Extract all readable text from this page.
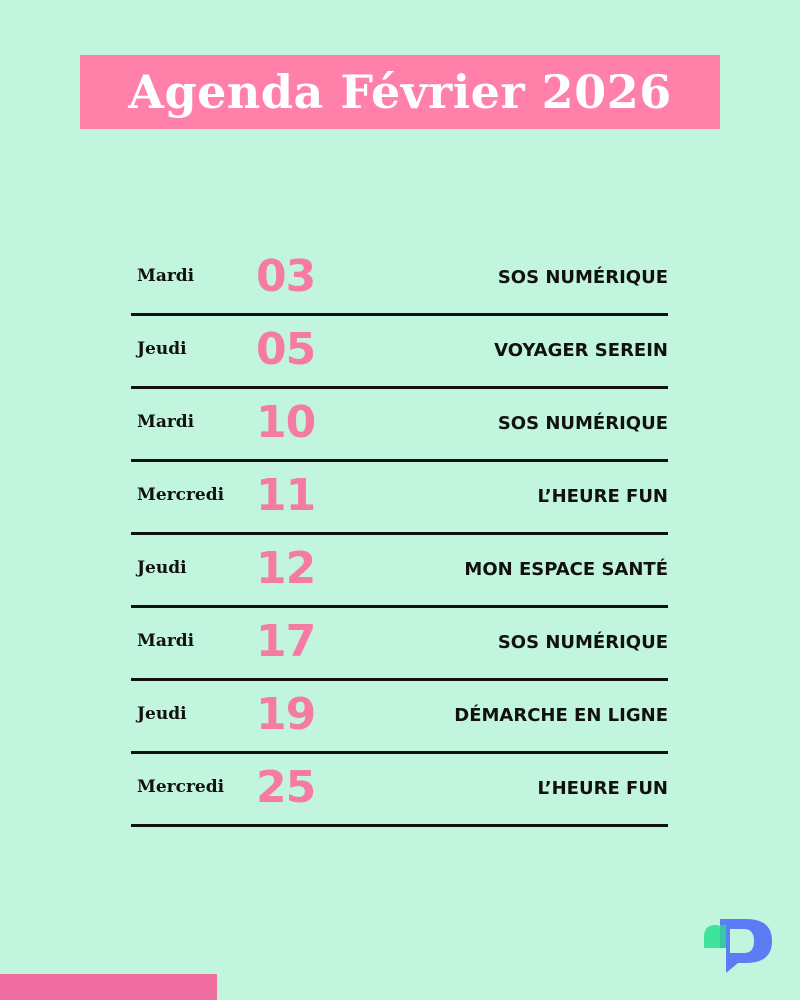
Agenda Février 2026
Mardi 03	SOS NUMÉRIQUE
Jeudi 05	VOYAGER SEREIN
Mardi 10	SOS NUMÉRIQUE
Mercredi 11	L’HEURE FUN
Jeudi 12	MON ESPACE SANTÉ
Mardi 17	SOS NUMÉRIQUE
Jeudi 19	DÉMARCHE EN LIGNE
Mercredi 25	L’HEURE FUN
